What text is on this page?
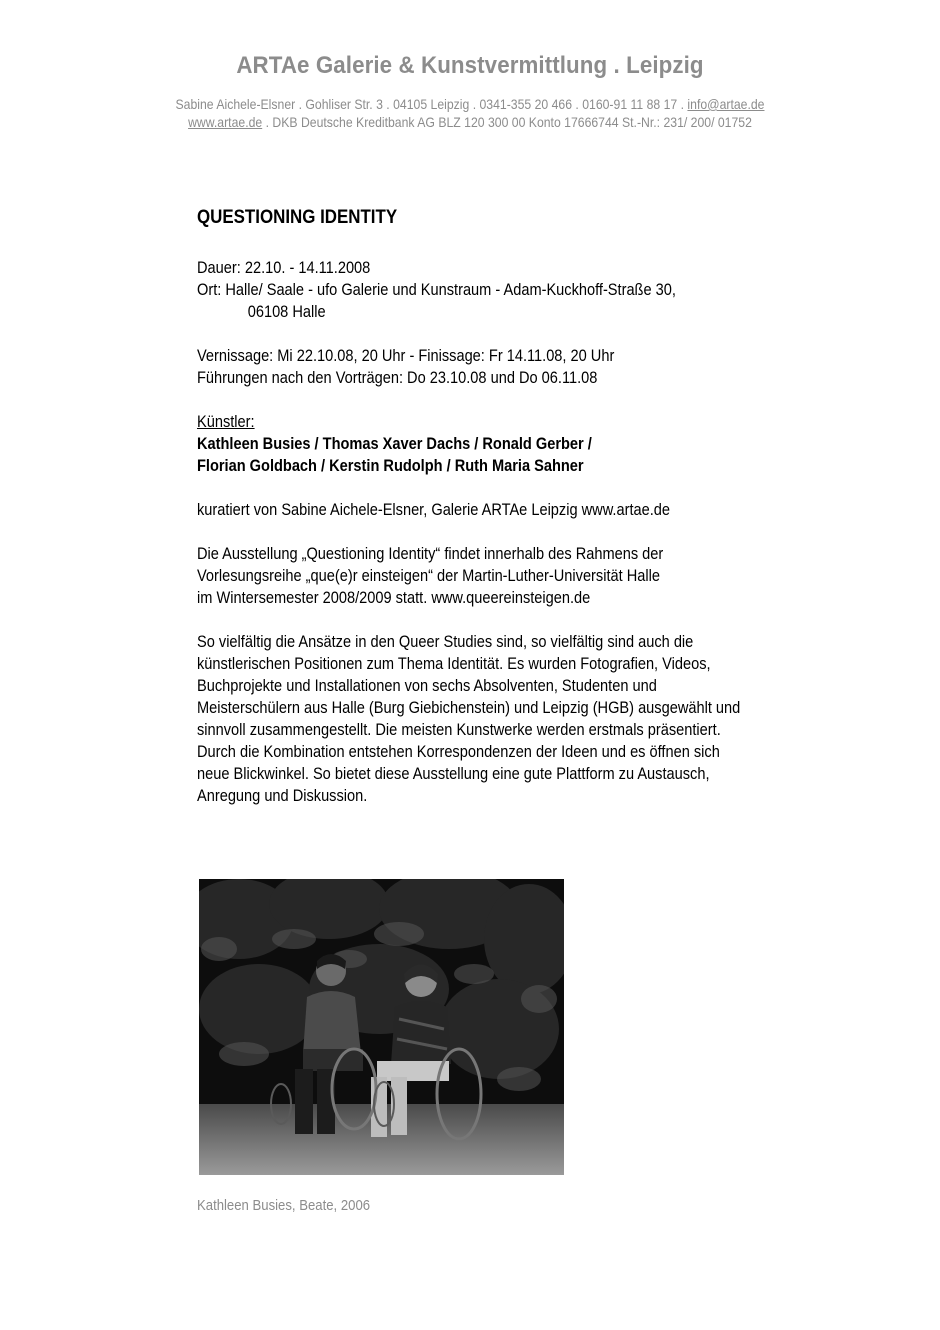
ARTAe Galerie & Kunstvermittlung . Leipzig
Sabine Aichele-Elsner . Gohliser Str. 3 . 04105 Leipzig . 0341-355 20 466 . 0160-91 11 88 17 . info@artae.de
www.artae.de . DKB Deutsche Kreditbank AG BLZ 120 300 00 Konto 17666744 St.-Nr.: 231/ 200/ 01752
QUESTIONING IDENTITY
Dauer: 22.10. - 14.11.2008
Ort: Halle/ Saale - ufo Galerie und Kunstraum - Adam-Kuckhoff-Straße 30,
06108 Halle
Vernissage: Mi 22.10.08, 20 Uhr - Finissage: Fr 14.11.08, 20 Uhr
Führungen nach den Vorträgen: Do 23.10.08 und Do 06.11.08
Künstler:
Kathleen Busies / Thomas Xaver Dachs / Ronald Gerber /
Florian Goldbach / Kerstin Rudolph / Ruth Maria Sahner
kuratiert von Sabine Aichele-Elsner, Galerie ARTAe Leipzig www.artae.de
Die Ausstellung „Questioning Identity“ findet innerhalb des Rahmens der
Vorlesungsreihe „que(e)r einsteigen“ der Martin-Luther-Universität Halle
im Wintersemester 2008/2009 statt. www.queereinsteigen.de
So vielfältig die Ansätze in den Queer Studies sind, so vielfältig sind auch die
künstlerischen Positionen zum Thema Identität. Es wurden Fotografien, Videos,
Buchprojekte und Installationen von sechs Absolventen, Studenten und
Meisterschülern aus Halle (Burg Giebichenstein) und Leipzig (HGB) ausgewählt und
sinnvoll zusammengestellt. Die meisten Kunstwerke werden erstmals präsentiert.
Durch die Kombination entstehen Korrespondenzen der Ideen und es öffnen sich
neue Blickwinkel. So bietet diese Ausstellung eine gute Plattform zu Austausch,
Anregung und Diskussion.
Kathleen Busies, Beate, 2006
